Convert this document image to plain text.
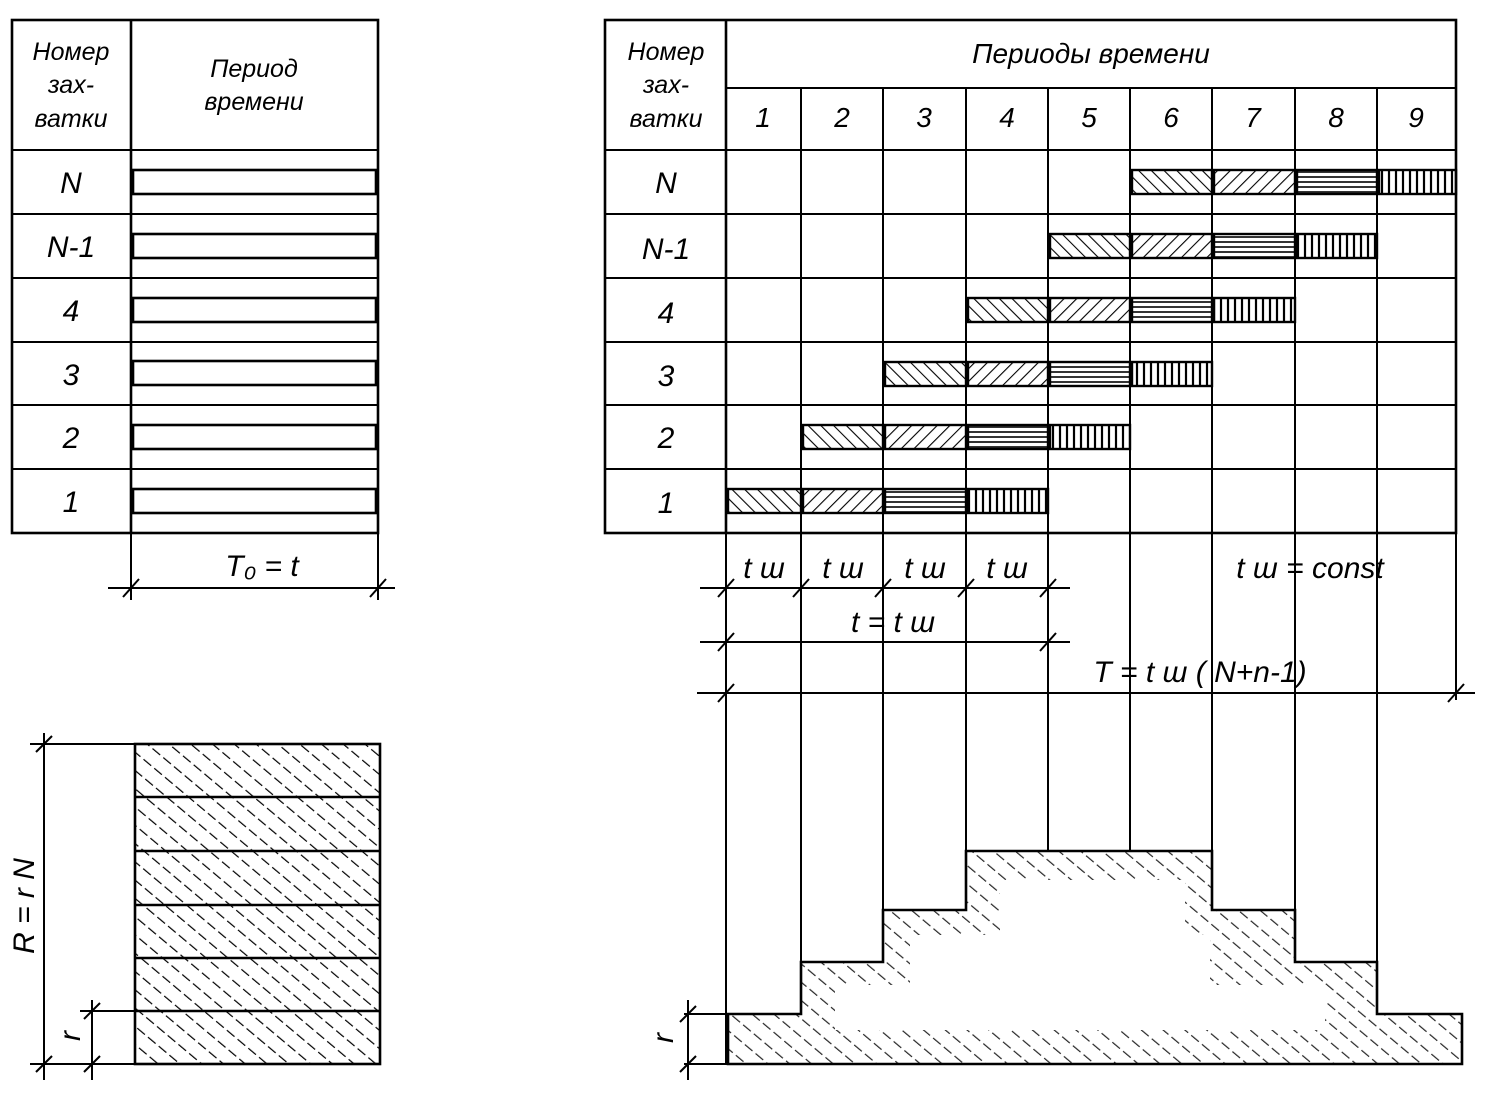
Номер
зах-
ватки
Период
времени
N
N-1
4
3
2
1
T₀ = t
R = r N
r
Номер
зах-
ватки
Периоды времени
1 2 3 4 5 6 7 8 9
N
N-1
4
3
2
1
t ш t ш t ш t ш	t ш = const
t = t ш
T = t ш ( N+n-1)
r
